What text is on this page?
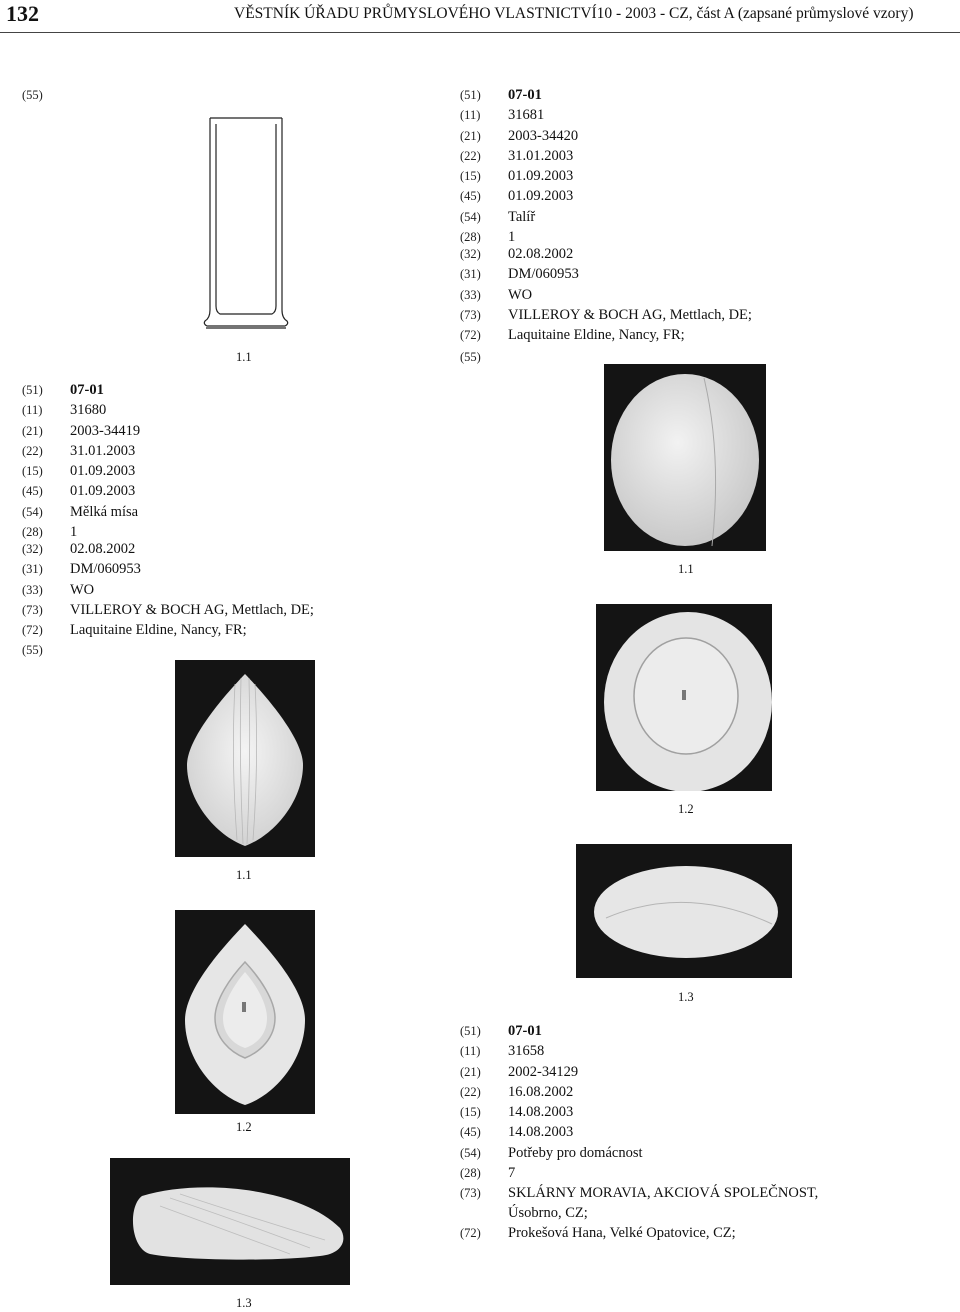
132	VĚSTNÍK ÚŘADU PRŮMYSLOVÉHO VLASTNICTVÍ10 - 2003 - CZ, část A (zapsané průmyslové vzory)
(55)
1.1
(51) 07-01
(11) 31680
(21) 2003-34419
(22) 31.01.2003
(15) 01.09.2003
(45) 01.09.2003
(54) Mělká mísa
(28) 1
(32) 02.08.2002
(31) DM/060953
(33) WO
(73) VILLEROY & BOCH AG, Mettlach, DE;
(72) Laquitaine Eldine, Nancy, FR;
(55)
1.1
1.2
1.3
(51) 07-01
(11) 31681
(21) 2003-34420
(22) 31.01.2003
(15) 01.09.2003
(45) 01.09.2003
(54) Talíř
(28) 1
(32) 02.08.2002
(31) DM/060953
(33) WO
(73) VILLEROY & BOCH AG, Mettlach, DE;
(72) Laquitaine Eldine, Nancy, FR;
(55)
1.1
1.2
1.3
(51) 07-01
(11) 31658
(21) 2002-34129
(22) 16.08.2002
(15) 14.08.2003
(45) 14.08.2003
(54) Potřeby pro domácnost
(28) 7
(73) SKLÁRNY MORAVIA, AKCIOVÁ SPOLEČNOST,
Úsobrno, CZ;
(72) Prokešová Hana, Velké Opatovice, CZ;
